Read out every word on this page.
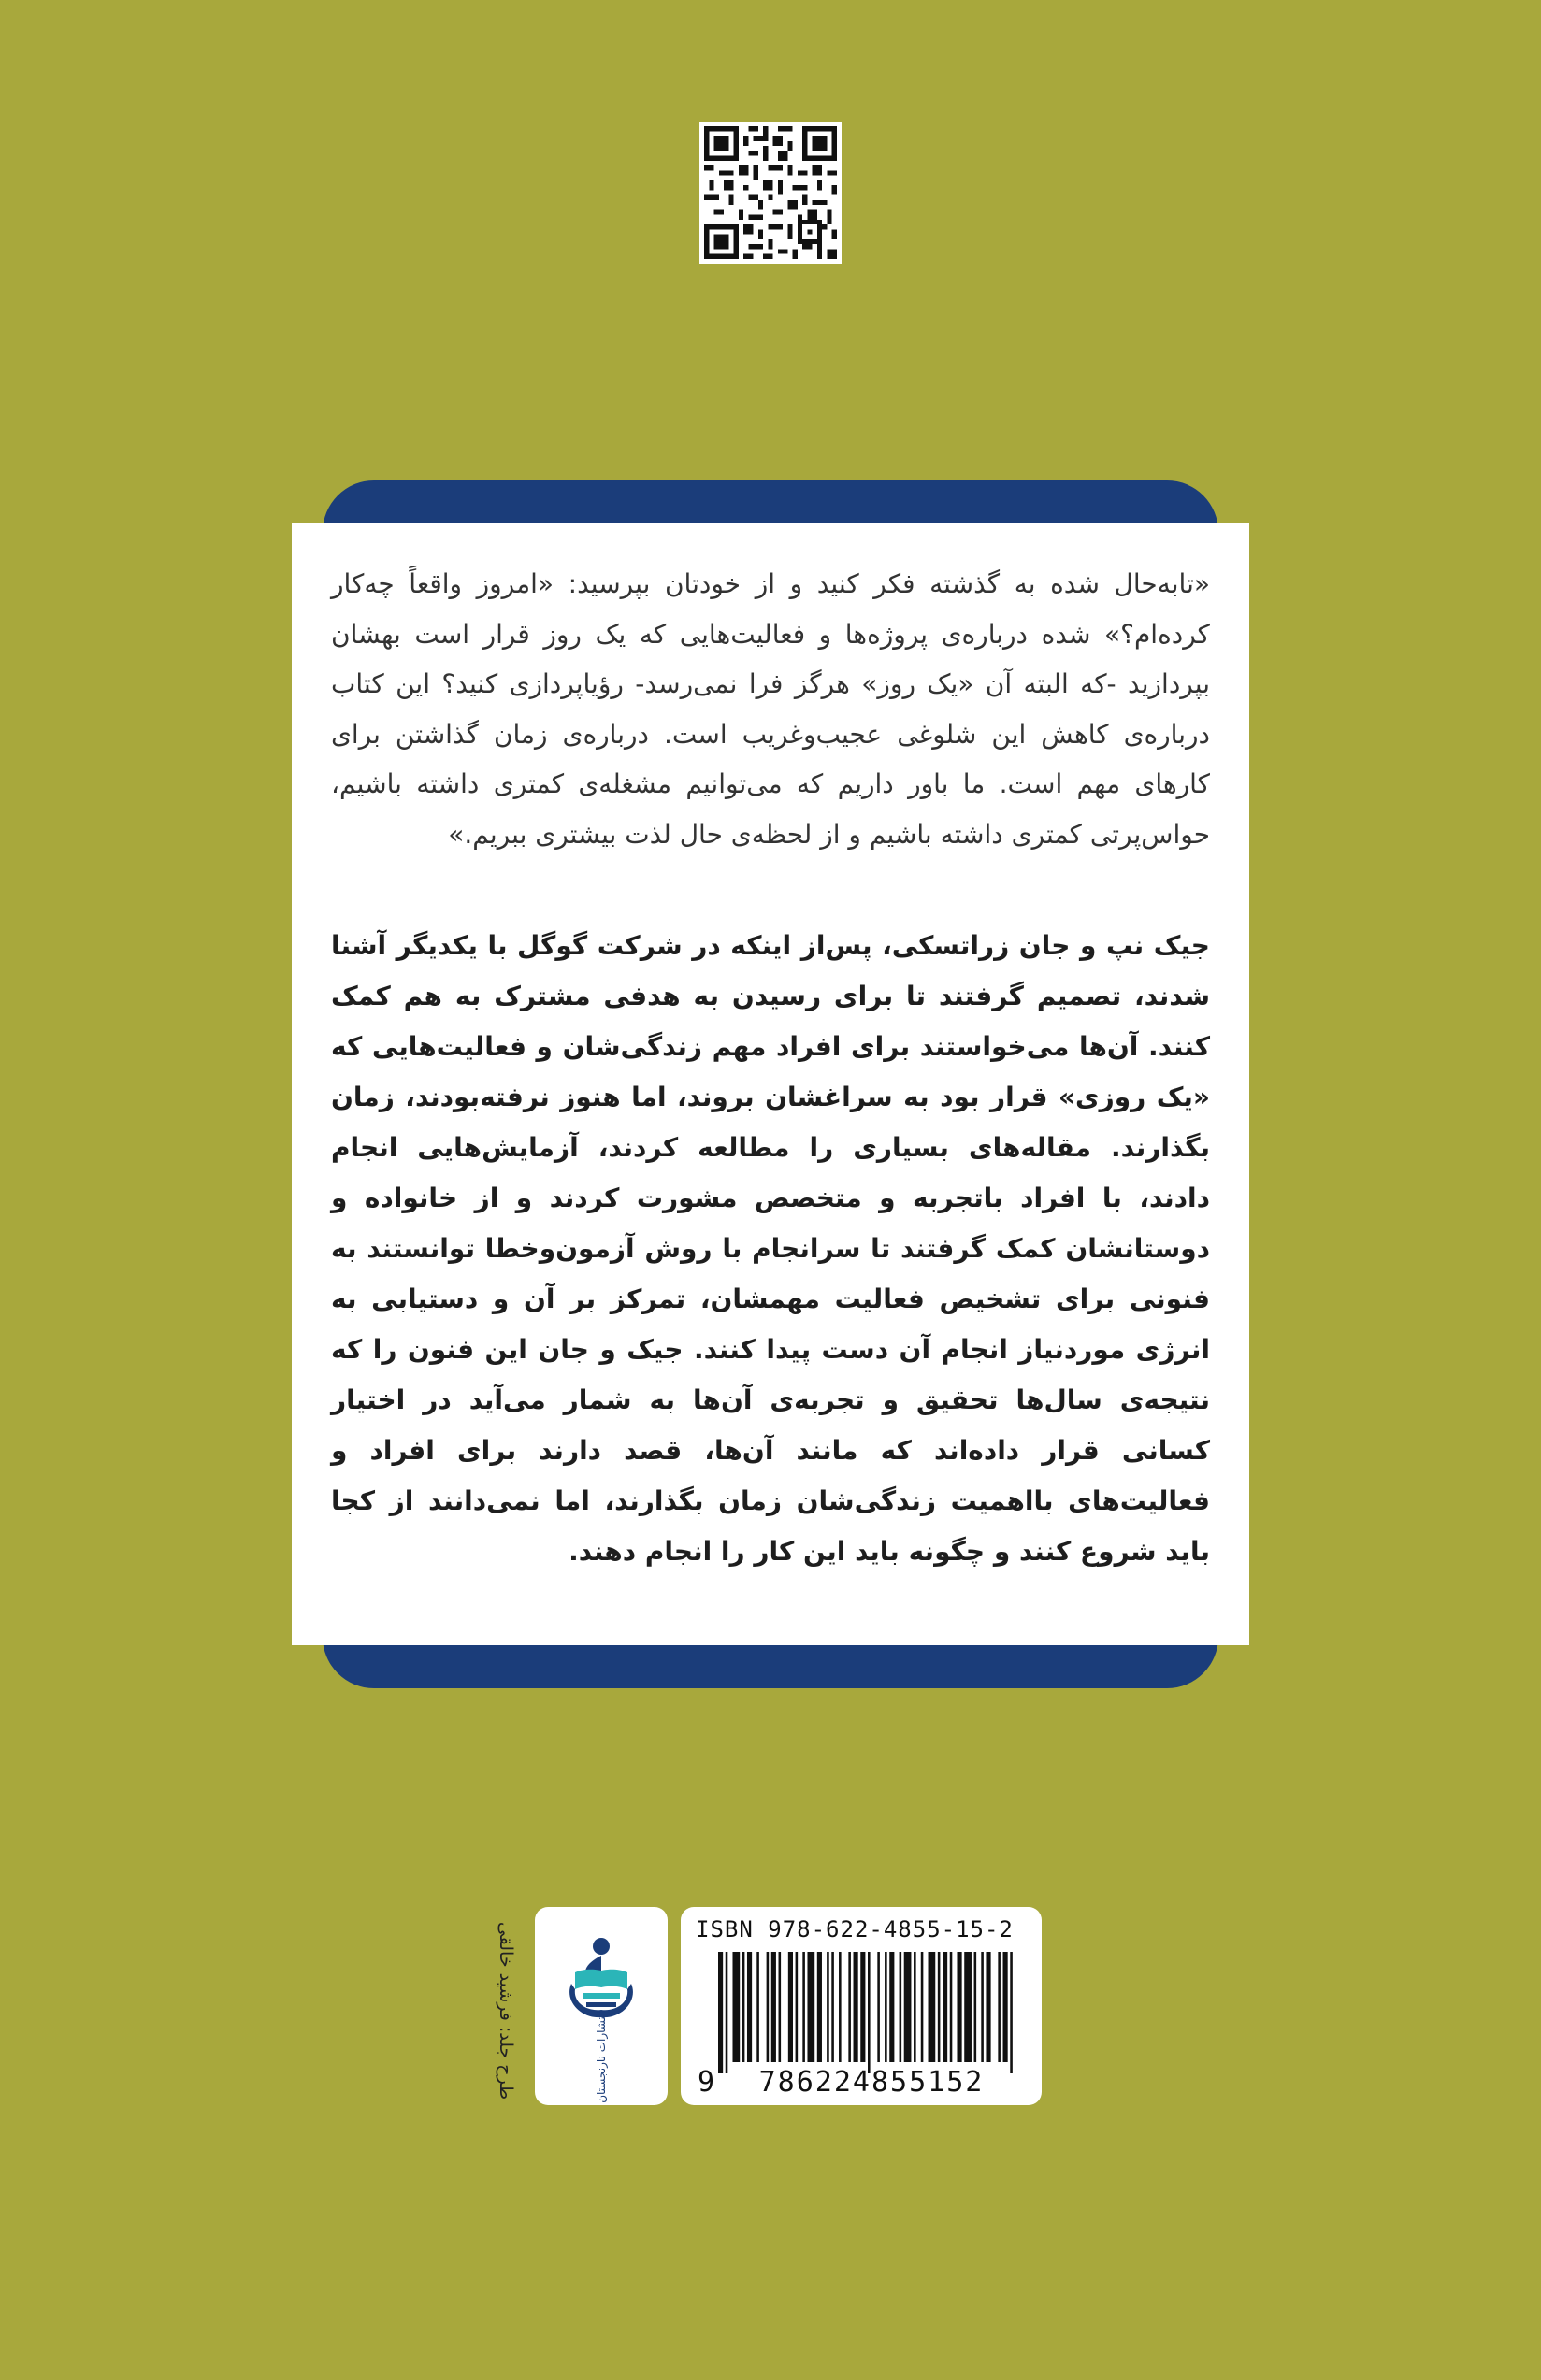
«تابه‌حال شده به گذشته فکر کنید و از خودتان بپرسید: «امروز واقعاً چه‌کار کرده‌ام؟» شده درباره‌ی پروژه‌ها و فعالیت‌هایی که یک روز قرار است بهشان بپردازید -که البته آن «یک روز» هرگز فرا نمی‌رسد- رؤیاپردازی کنید؟ این کتاب درباره‌ی کاهش این شلوغی عجیب‌وغریب است. درباره‌ی زمان گذاشتن برای کارهای مهم است. ما باور داریم که می‌توانیم مشغله‌ی کمتری داشته باشیم، حواس‌پرتی کمتری داشته باشیم و از لحظه‌ی حال لذت بیشتری ببریم.»

جیک نپ و جان زراتسکی، پس‌از اینکه در شرکت گوگل با یکدیگر آشنا شدند، تصمیم گرفتند تا برای رسیدن به هدفی مشترک به هم کمک کنند. آن‌ها می‌خواستند برای افراد مهم زندگی‌شان و فعالیت‌هایی که «یک روزی» قرار بود به سراغشان بروند، اما هنوز نرفته‌بودند، زمان بگذارند. مقاله‌های بسیاری را مطالعه کردند، آزمایش‌هایی انجام دادند، با افراد باتجربه و متخصص مشورت کردند و از خانواده و دوستانشان کمک گرفتند تا سرانجام با روش آزمون‌وخطا توانستند به فنونی برای تشخیص فعالیت مهمشان، تمرکز بر آن و دستیابی به انرژی موردنیاز انجام آن دست پیدا کنند. جیک و جان این فنون را که نتیجه‌ی سال‌ها تحقیق و تجربه‌ی آن‌ها به شمار می‌آید در اختیار کسانی قرار داده‌اند که مانند آن‌ها، قصد دارند برای افراد و فعالیت‌های بااهمیت زندگی‌شان زمان بگذارند، اما نمی‌دانند از کجا باید شروع کنند و چگونه باید این کار را انجام دهند.

طرح جلد: فرشید خالقی	انتشارات نارنجستان
ISBN 978-622-4855-15-2
9	786224855152
